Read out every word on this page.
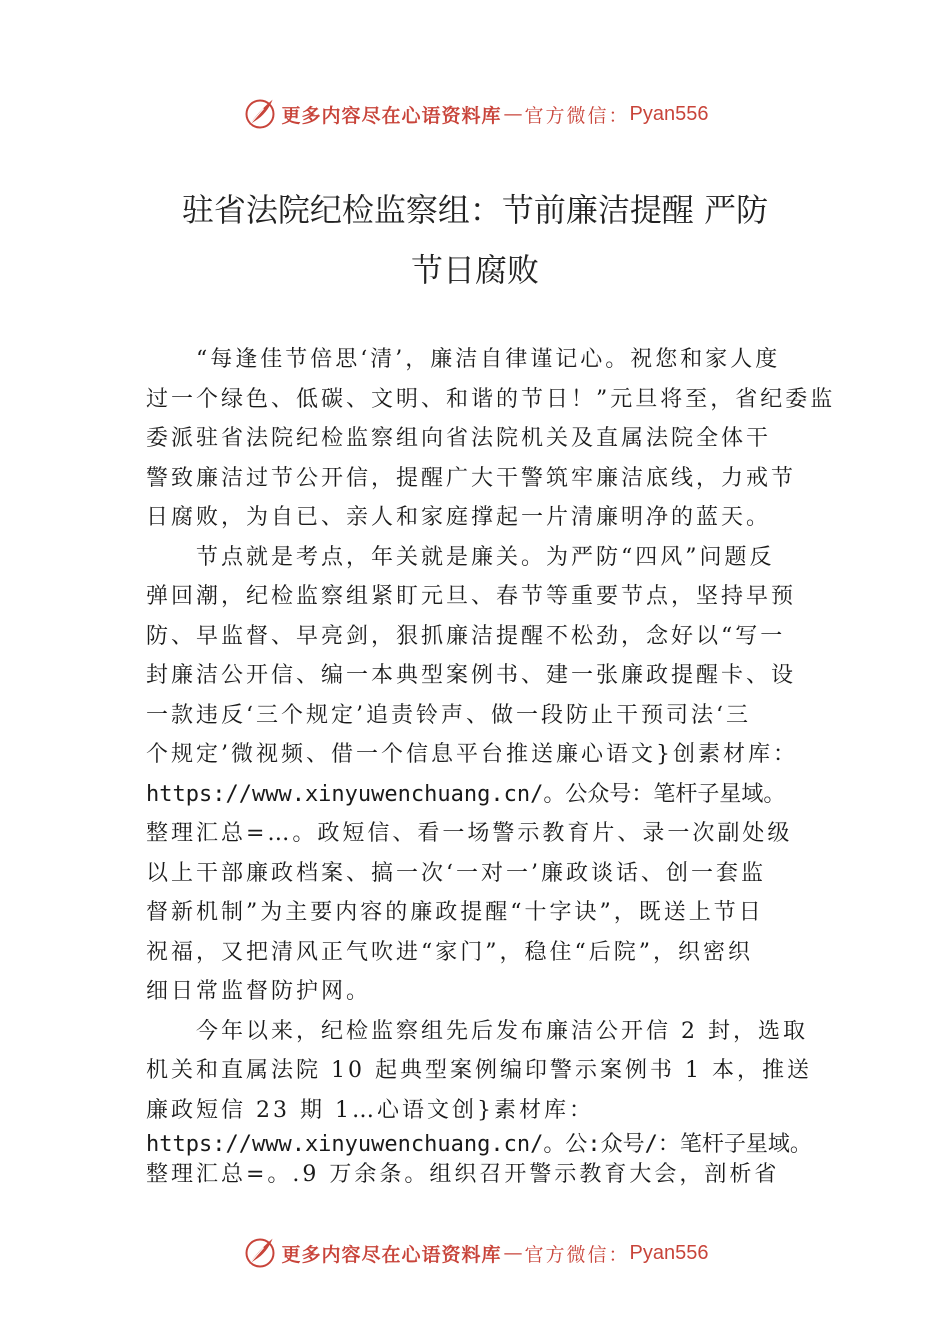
更多内容尽在心语资料库 — 官方微信： Pyan556
驻省法院纪检监察组：节前廉洁提醒 严防
节日腐败
“每逢佳节倍思‘清’，廉洁自律谨记心。祝您和家人度
过一个绿色、低碳、文明、和谐的节日！”元旦将至，省纪委监
委派驻省法院纪检监察组向省法院机关及直属法院全体干
警致廉洁过节公开信，提醒广大干警筑牢廉洁底线，力戒节
日腐败，为自已、亲人和家庭撑起一片清廉明净的蓝天。
节点就是考点，年关就是廉关。为严防“四风”问题反
弹回潮，纪检监察组紧盯元旦、春节等重要节点，坚持早预
防、早监督、早亮剑，狠抓廉洁提醒不松劲，念好以“写一
封廉洁公开信、编一本典型案例书、建一张廉政提醒卡、设
一款违反‘三个规定’追责铃声、做一段防止干预司法‘三
个规定’微视频、借一个信息平台推送廉心语文}创素材库：
https://www.xinyuwenchuang.cn/。公众号：笔杆子星域。
整理汇总=…。政短信、看一场警示教育片、录一次副处级
以上干部廉政档案、搞一次‘一对一’廉政谈话、创一套监
督新机制”为主要内容的廉政提醒“十字诀”，既送上节日
祝福，又把清风正气吹进“家门”，稳住“后院”，织密织
细日常监督防护网。
今年以来，纪检监察组先后发布廉洁公开信 2 封，选取
机关和直属法院 10 起典型案例编印警示案例书 1 本，推送
廉政短信 23 期 1…心语文创}素材库：
https://www.xinyuwenchuang.cn/。公:众号/：笔杆子星域。
整理汇总=。.9 万余条。组织召开警示教育大会，剖析省
更多内容尽在心语资料库 — 官方微信： Pyan556
